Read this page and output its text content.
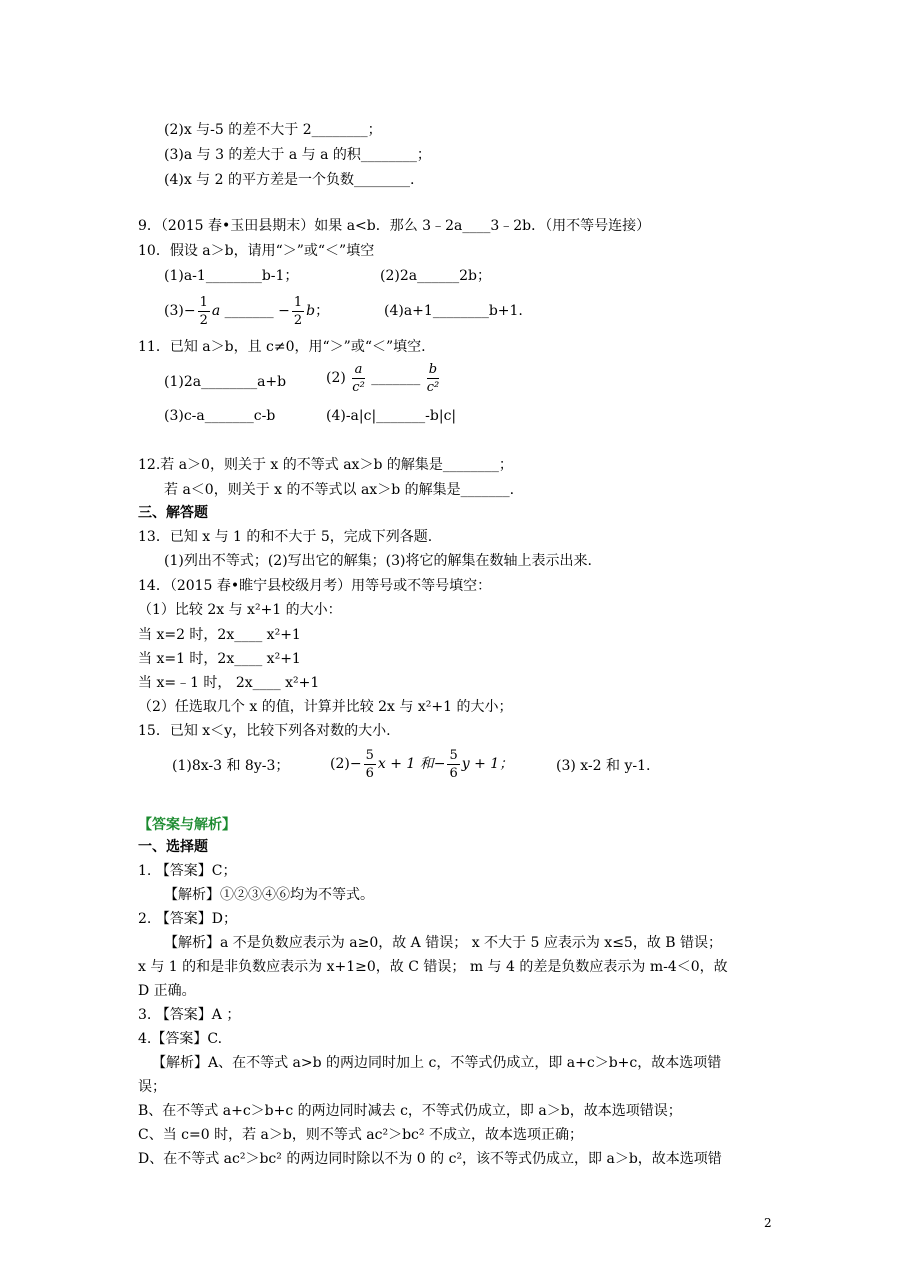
(2)x 与-5 的差不大于 2________；
(3)a 与 3 的差大于 a 与 a 的积________；
(4)x 与 2 的平方差是一个负数________.
9．（2015 春•玉田县期末）如果 a<b．那么 3﹣2a____3﹣2b．（用不等号连接）
10．假设 a＞b，请用“＞”或“＜”填空
(1)a-1________b-1；	(2)2a______2b；
$(3)- \frac{1}{2}$ a _______ − $\frac{1}{2}$ b；	(4)a+1________b+1.
11．已知 a＞b，且 c≠0，用“＞”或“＜”填空.
(1)2a________a+b	$(2) \frac{a}{\text{c²}}$ _______ $\frac{b}{\text{c²}}$
(3)c-a_______c-b	(4)-a|c|_______-b|c|
12.若 a＞0，则关于 x 的不等式 ax＞b 的解集是________；
若 a＜0，则关于 x 的不等式以 ax＞b 的解集是_______.
三、解答题
13．已知 x 与 1 的和不大于 5，完成下列各题.
(1)列出不等式；(2)写出它的解集；(3)将它的解集在数轴上表示出来.
14．（2015 春•睢宁县校级月考）用等号或不等号填空：
（1）比较 2x 与 x²+1 的大小：
当 x=2 时，2x____ x²+1
当 x=1 时，2x____ x²+1
当 x=﹣1 时， 2x____ x²+1
（2）任选取几个 x 的值，计算并比较 2x 与 x²+1 的大小；
15．已知 x＜y，比较下列各对数的大小.
(1)8x-3 和 8y-3；	$(2)- \frac{5}{6}$ x + 1 和− $\frac{5}{6}$ y + 1；	(3) x-2 和 y-1.
【答案与解析】
一、选择题
1. 【答案】C；
【解析】①②③④⑥均为不等式。
2. 【答案】D；
【解析】a 不是负数应表示为 a≥0，故 A 错误； x 不大于 5 应表示为 x≤5，故 B 错误；
x 与 1 的和是非负数应表示为 x+1≥0，故 C 错误； m 与 4 的差是负数应表示为 m-4＜0，故
D 正确。
3. 【答案】A ；
4.【答案】C.
【解析】A、在不等式 a>b 的两边同时加上 c，不等式仍成立，即 a+c＞b+c，故本选项错
误；
B、在不等式 a+c＞b+c 的两边同时减去 c，不等式仍成立，即 a＞b，故本选项错误；
C、当 c=0 时，若 a＞b，则不等式 ac²＞bc² 不成立，故本选项正确；
D、在不等式 ac²＞bc² 的两边同时除以不为 0 的 c²，该不等式仍成立，即 a＞b，故本选项错
2
